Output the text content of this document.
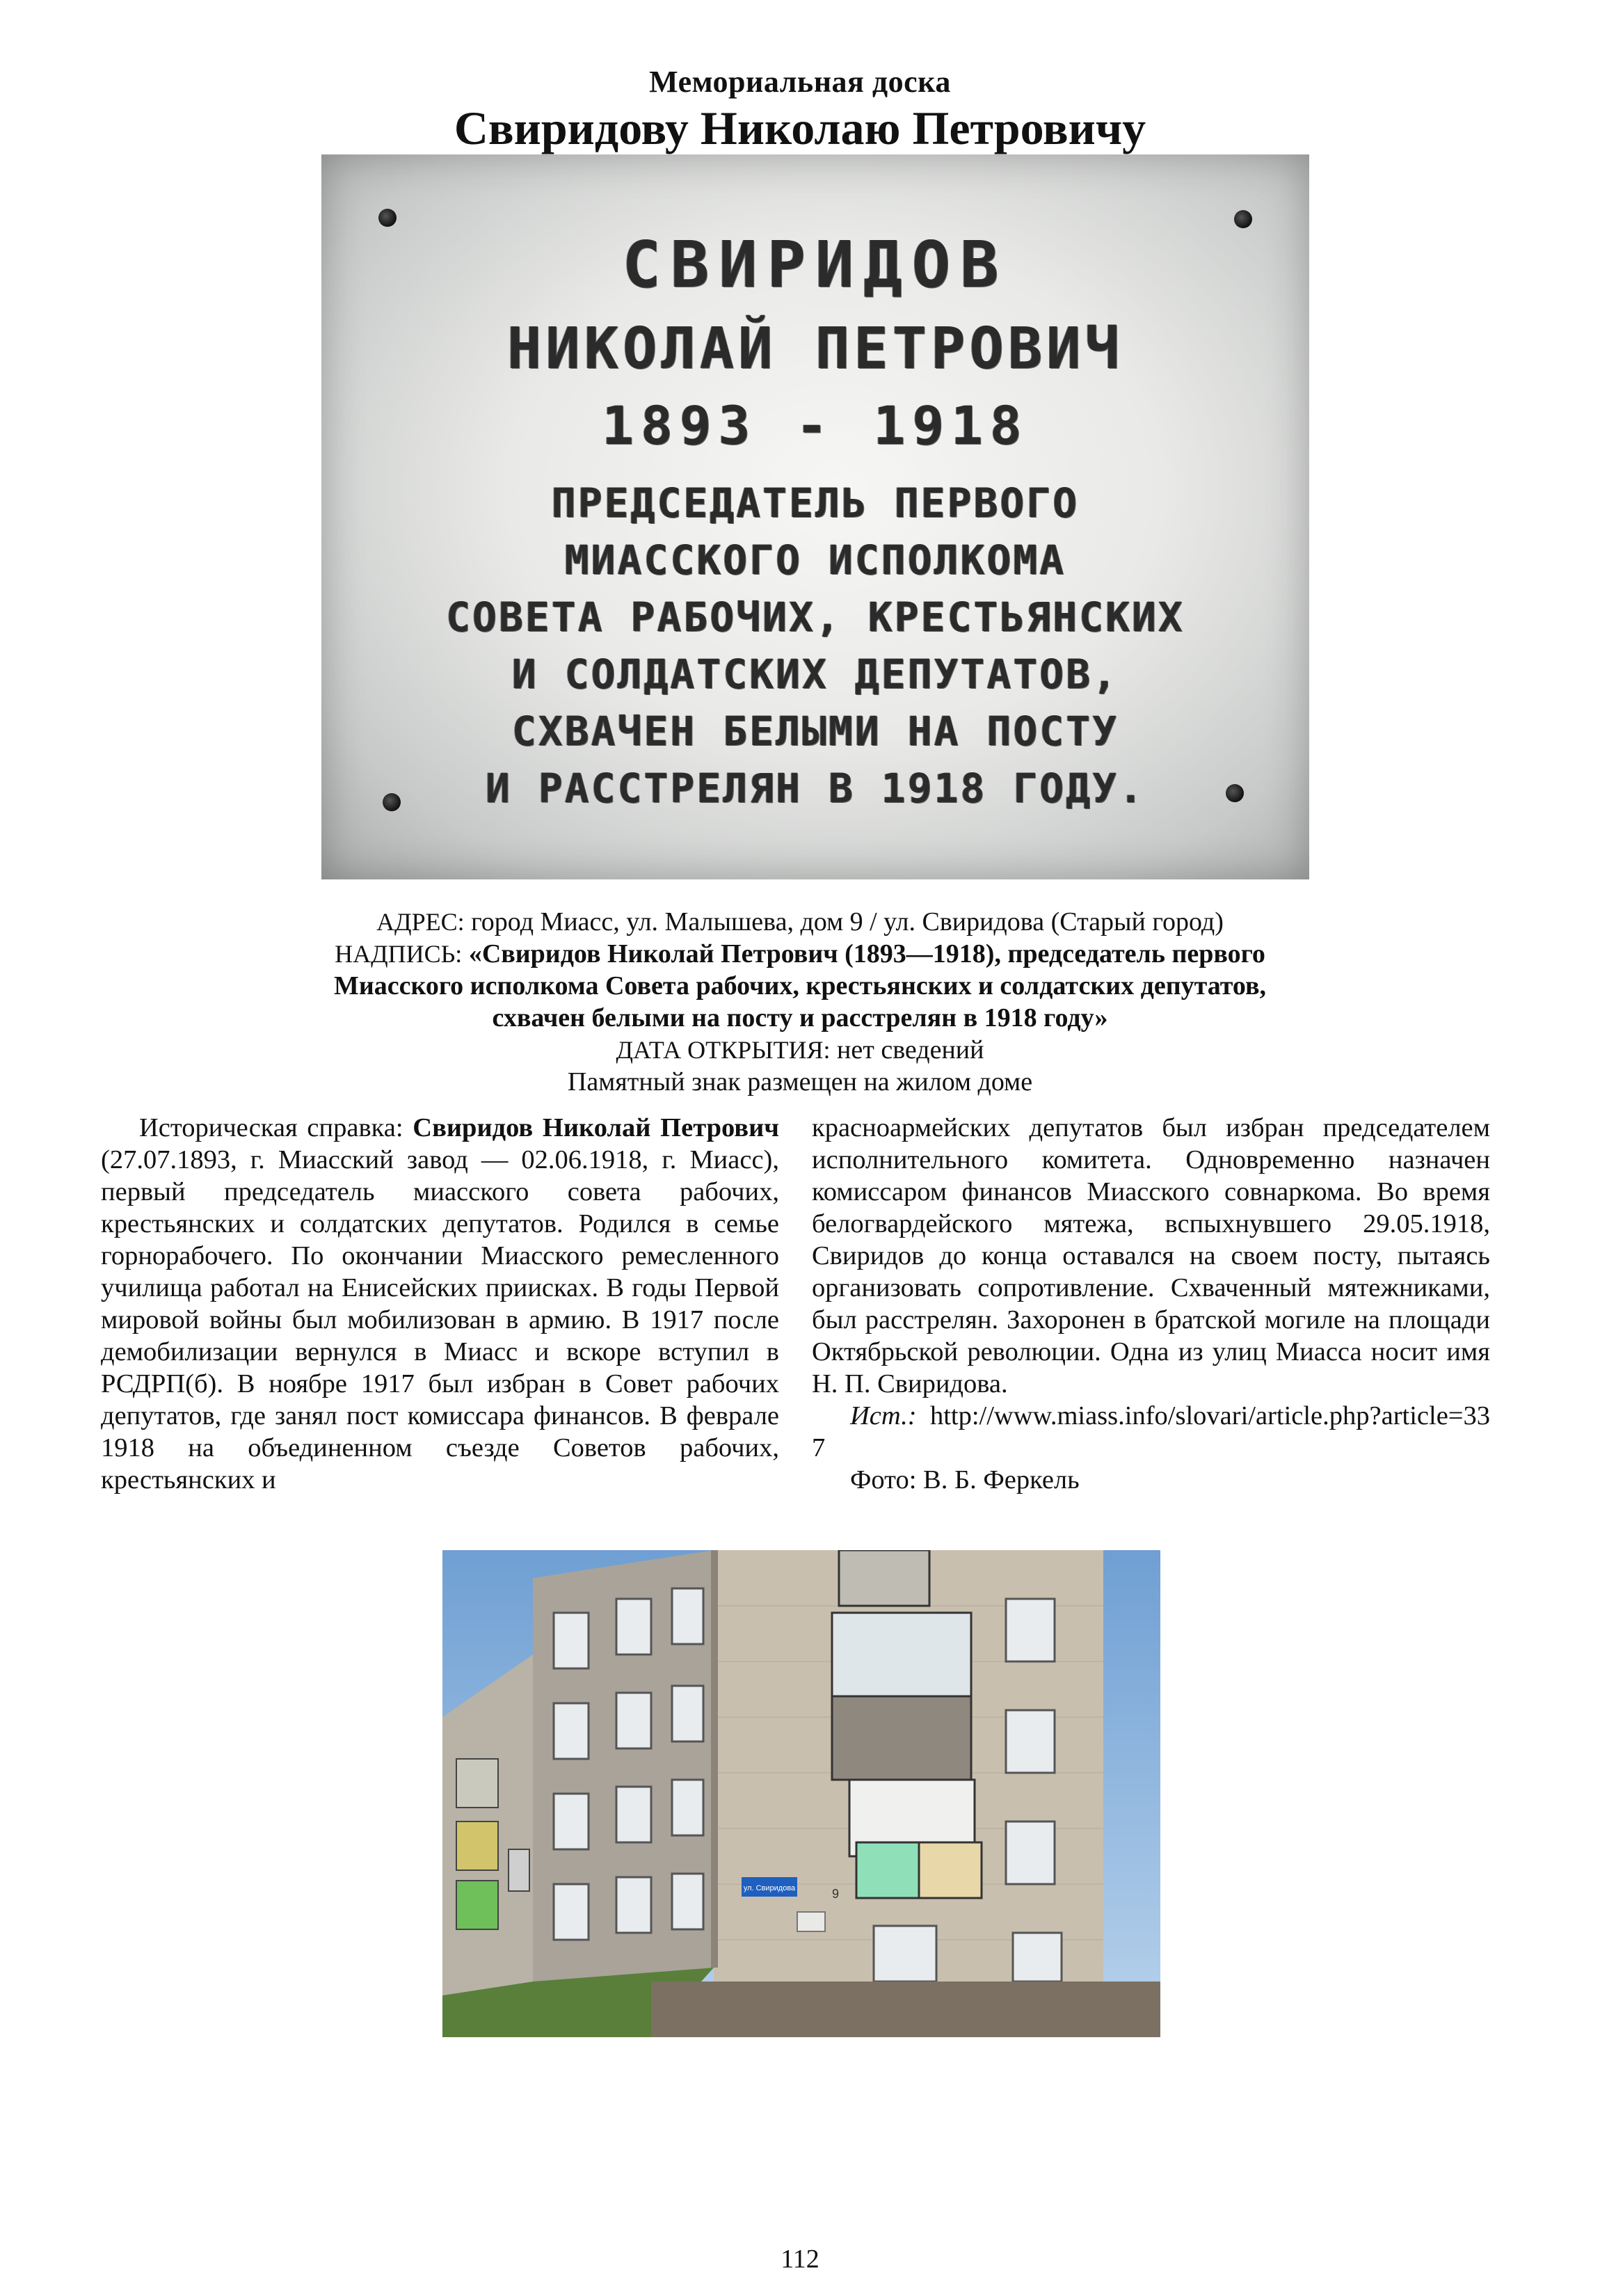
Мемориальная доска
Свиридову Николаю Петровичу
СВИРИДОВ
НИКОЛАЙ ПЕТРОВИЧ
1893 - 1918
ПРЕДСЕДАТЕЛЬ ПЕРВОГО
МИАССКОГО ИСПОЛКОМА
СОВЕТА РАБОЧИХ, КРЕСТЬЯНСКИХ
И СОЛДАТСКИХ ДЕПУТАТОВ,
СХВАЧЕН БЕЛЫМИ НА ПОСТУ
И РАССТРЕЛЯН В 1918 ГОДУ.
АДРЕС: город Миасс, ул. Малышева, дом 9 / ул. Свиридова (Старый город)
НАДПИСЬ: «Свиридов Николай Петрович (1893—1918), председатель первого
Миасского исполкома Совета рабочих, крестьянских и солдатских депутатов,
схвачен белыми на посту и расстрелян в 1918 году»
ДАТА ОТКРЫТИЯ: нет сведений
Памятный знак размещен на жилом доме

Историческая справка: Свиридов Николай Петрович (27.07.1893, г. Миасский завод — 02.06.1918, г. Миасс), первый председатель миасского совета рабочих, крестьянских и солдатских депутатов. Родился в семье горнорабочего. По окончании Миасского ремесленного училища работал на Енисейских приисках. В годы Первой мировой войны был мобилизован в армию. В 1917 после демобилизации вернулся в Миасс и вскоре вступил в РСДРП(б). В ноябре 1917 был избран в Совет рабочих депутатов, где занял пост комиссара финансов. В феврале 1918 на объединенном съезде Советов рабочих, крестьянских и

красноармейских депутатов был избран председателем исполнительного комитета. Одновременно назначен комиссаром финансов Миасского совнаркома. Во время белогвардейского мятежа, вспыхнувшего 29.05.1918, Свиридов до конца оставался на своем посту, пытаясь организовать сопротивление. Схваченный мятежниками, был расстрелян. Захоронен в братской могиле на площади Октябрьской революции. Одна из улиц Миасса носит имя Н. П. Свиридова.

Ист.: http://www.miass.info/slovari/article.php?article=337

Фото: В. Б. Феркель

ул. Свиридова	9
112
